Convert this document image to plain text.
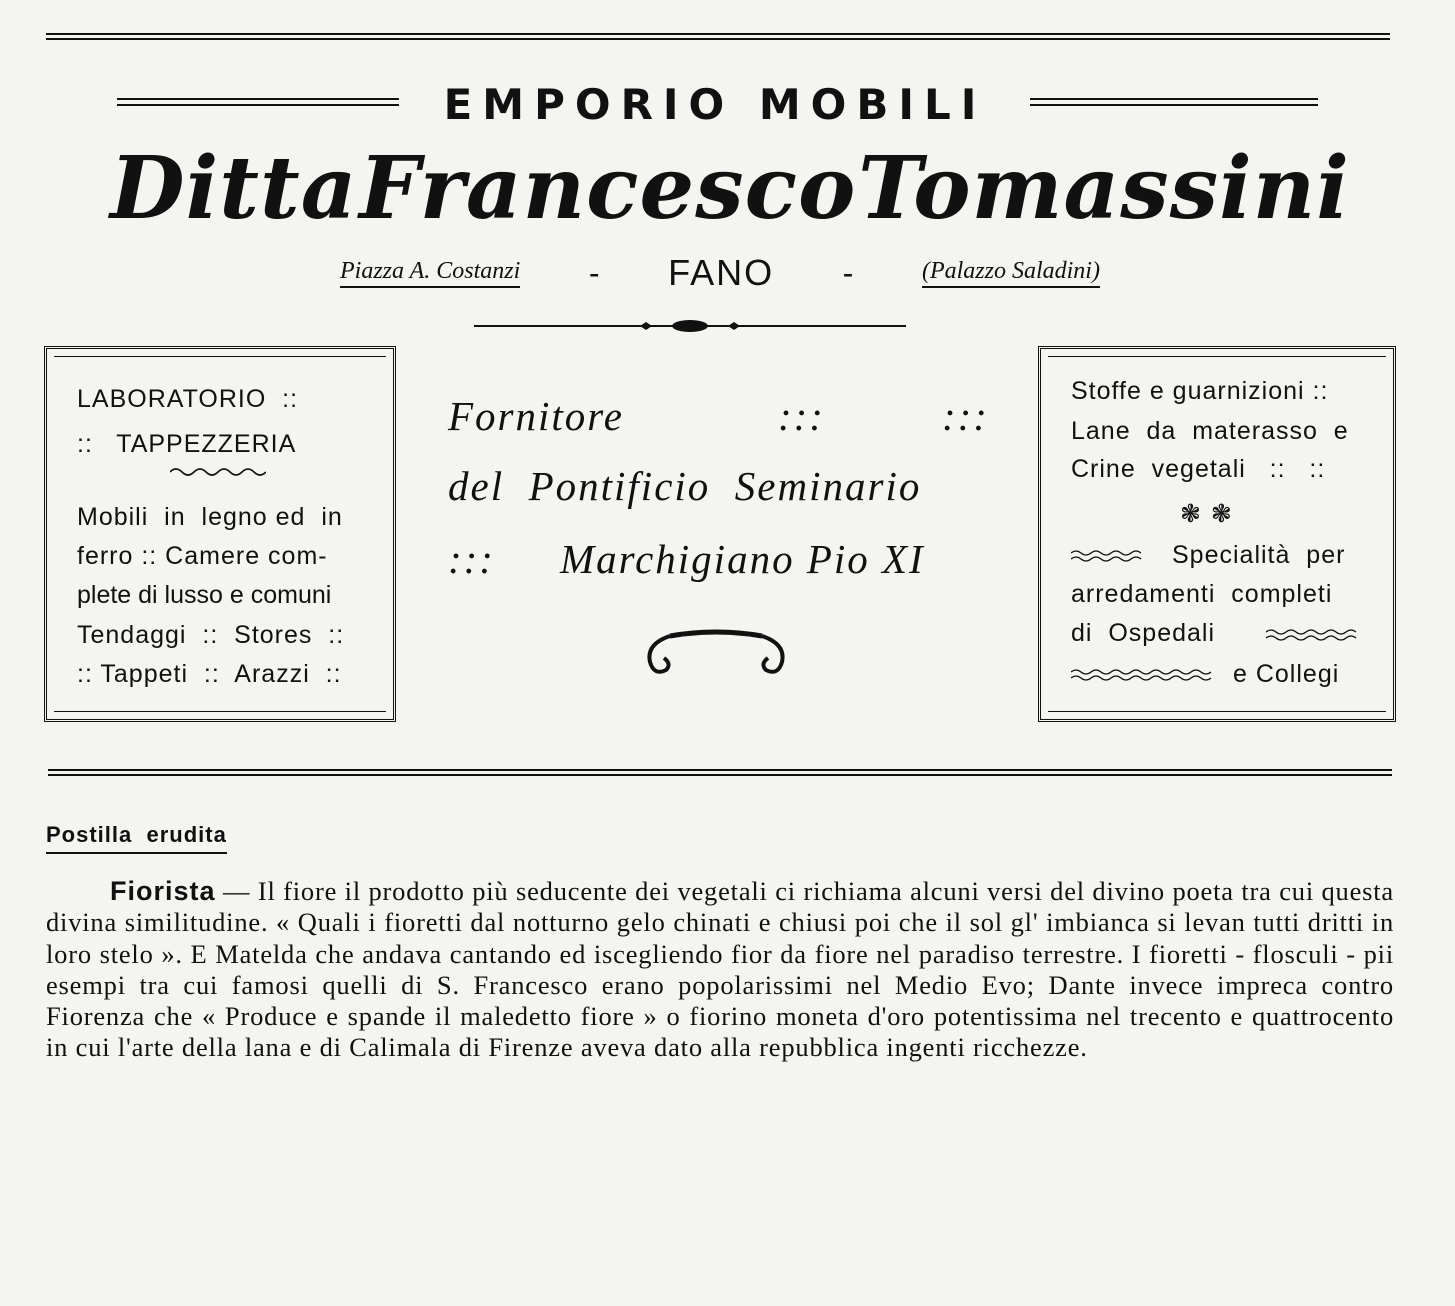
EMPORIO MOBILI
Ditta Francesco Tomassini
Piazza A. Costanzi - FANO -	(Palazzo Saladini)
LABORATORIO  ::
::   TAPPEZZERIA
Mobili  in  legno ed  in
ferro :: Camere com-
plete di lusso e comuni
Tendaggi  ::  Stores  ::
:: Tappeti  ::  Arazzi  ::
Fornitore	:::	:::
del  Pontificio  Seminario
::: Marchigiano Pio XI
Stoffe e guarnizioni ::
Lane  da  materasso  e
Crine  vegetali   ::   ::
❃ ❃
Specialità  per
arredamenti  completi
di  Ospedali
e Collegi
Postilla  erudita
Fiorista — Il fiore il prodotto più seducente dei vegetali ci richiama alcuni versi del divino poeta tra cui questa divina similitudine. « Quali i fioretti dal notturno gelo chinati e chiusi poi che il sol gl' imbianca si levan tutti dritti in loro stelo ». E Matelda che andava cantando ed iscegliendo fior da fiore nel paradiso terrestre. I fioretti - flosculi - pii esempi tra cui famosi quelli di S. Francesco erano popolarissimi nel Medio Evo; Dante invece impreca contro Fiorenza che « Produce e spande il maledetto fiore » o fiorino moneta d'oro potentissima nel trecento e quattrocento in cui l'arte della lana e di Calimala di Firenze aveva dato alla repubblica ingenti ricchezze.
